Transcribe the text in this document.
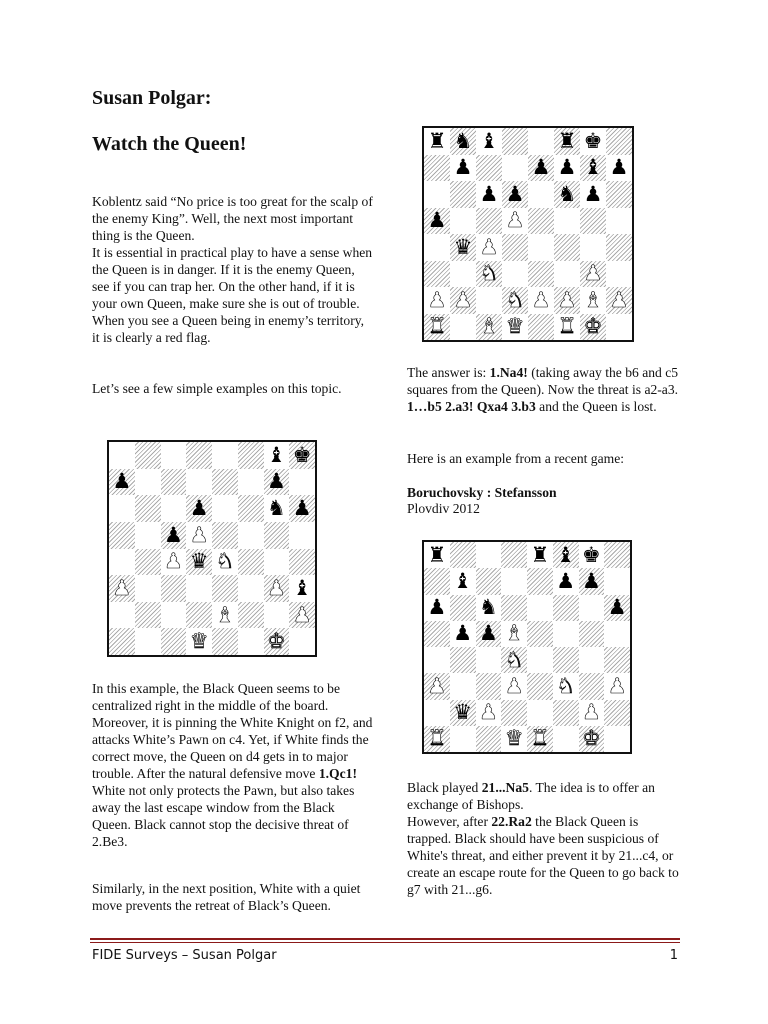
Susan Polgar:
Watch the Queen!

Koblentz said “No price is too great for the scalp of the enemy King”. Well, the next most important thing is the Queen.
It is essential in practical play to have a sense when the Queen is in danger. If it is the enemy Queen, see if you can trap her. On the other hand, if it is your own Queen, make sure she is out of trouble. When you see a Queen being in enemy’s territory, it is clearly a red flag.

Let’s see a few simple examples on this topic.

♝ ♚
♟	♟
♟	♞ ♟
♟ ♟
♟ ♛ ♞
♟	♟ ♝
♝	♟
♛	♚

In this example, the Black Queen seems to be centralized right in the middle of the board. Moreover, it is pinning the White Knight on f2, and attacks White’s Pawn on c4. Yet, if White finds the correct move, the Queen on d4 gets in to major trouble. After the natural defensive move 1.Qc1! White not only protects the Pawn, but also takes away the last escape window from the Black Queen. Black cannot stop the decisive threat of 2.Be3.

Similarly, in the next position, White with a quiet move prevents the retreat of Black’s Queen.

♜ ♞ ♝	♜ ♚
♟	♟ ♟ ♝ ♟
♟ ♟ ♞ ♟
♟	♟
♛ ♟
♞	♟
♟ ♟ ♞ ♟ ♟ ♝ ♟
♜ ♝ ♛ ♜ ♚

The answer is: 1.Na4! (taking away the b6 and c5 squares from the Queen). Now the threat is a2-a3. 1…b5 2.a3! Qxa4 3.b3 and the Queen is lost.

Here is an example from a recent game:

Boruchovsky : Stefansson

Plovdiv 2012

♜	♜ ♝ ♚
♝	♟ ♟
♟ ♞	♟
♟ ♟ ♝
♞
♟	♟ ♞ ♟
♛ ♟	♟
♜	♛ ♜ ♚

Black played 21...Na5. The idea is to offer an exchange of Bishops.
However, after 22.Ra2 the Black Queen is trapped. Black should have been suspicious of White's threat, and either prevent it by 21...c4, or create an escape route for the Queen to go back to g7 with 21...g6.

FIDE Surveys – Susan Polgar	1
